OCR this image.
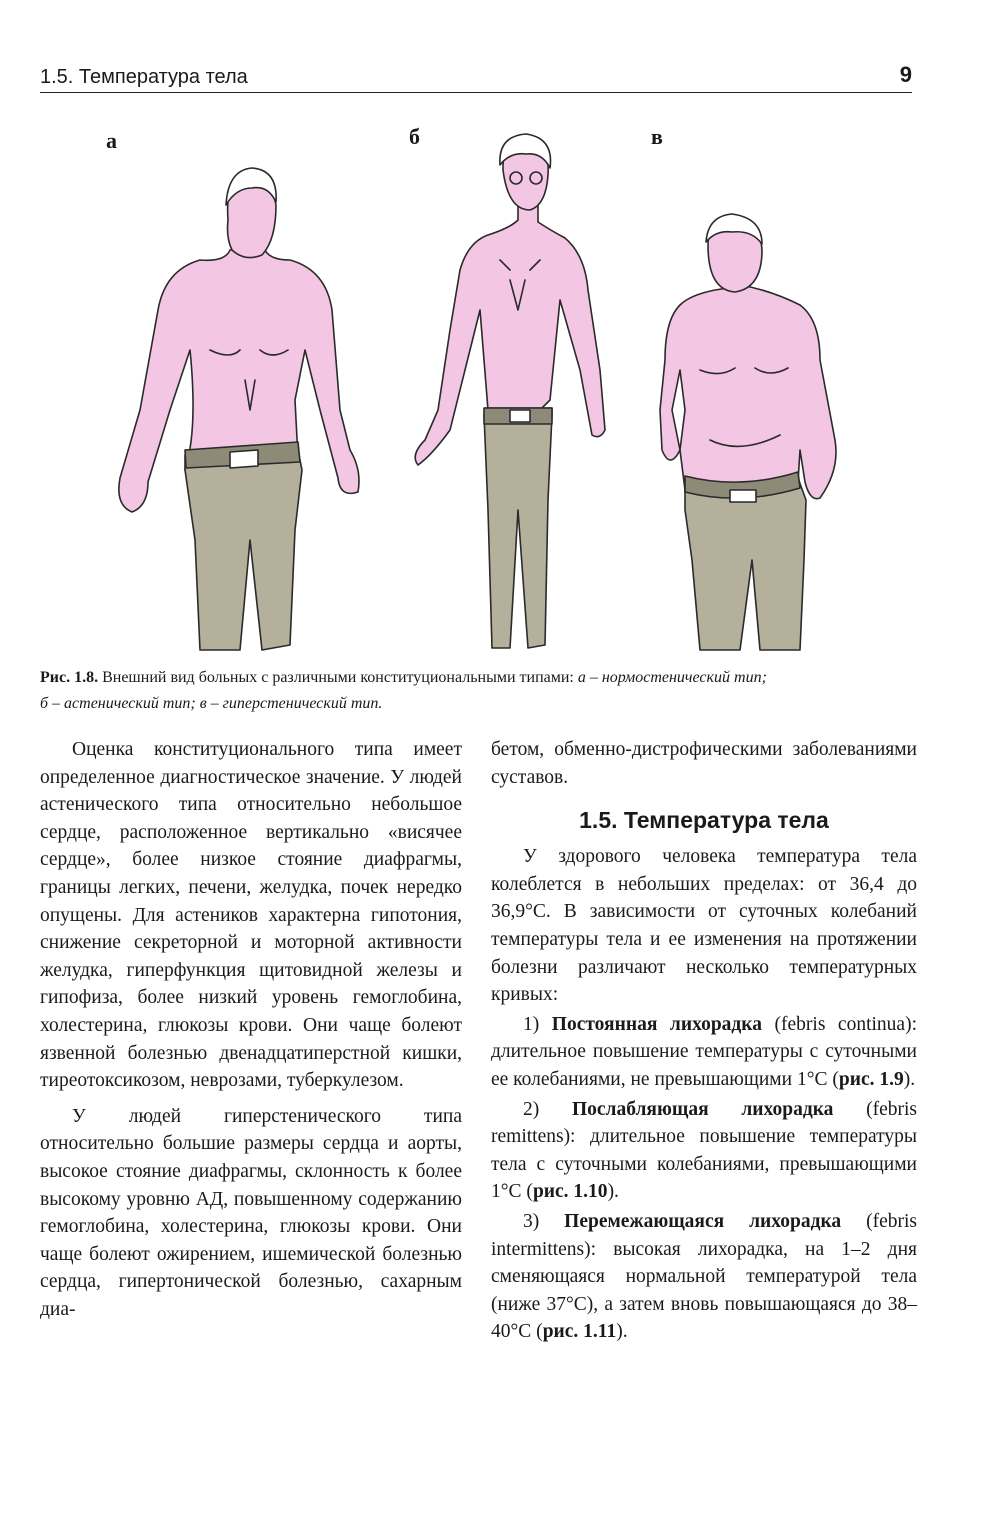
1.5. Температура тела	9
а	б	в
Рис. 1.8. Внешний вид больных с различными конституциональными типами: а – нормостенический тип;
б – астенический тип; в – гиперстенический тип.

Оценка конституционального типа имеет определенное диагностическое значение. У людей астенического типа относительно небольшое сердце, расположенное вертикально «висячее сердце», более низкое стояние диафрагмы, границы легких, печени, желудка, почек нередко опущены. Для астеников характерна гипотония, снижение секреторной и моторной активности желудка, гиперфункция щитовидной железы и гипофиза, более низкий уровень гемоглобина, холестерина, глюкозы крови. Они чаще болеют язвенной болезнью двенадцатиперстной кишки, тиреотоксикозом, неврозами, туберкулезом.

У людей гиперстенического типа относительно большие размеры сердца и аорты, высокое стояние диафрагмы, склонность к более высокому уровню АД, повышенному содержанию гемоглобина, холестерина, глюкозы крови. Они чаще болеют ожирением, ишемической болезнью сердца, гипертонической болезнью, сахарным диа-

бетом, обменно-дистрофическими заболеваниями суставов.

1.5. Температура тела

У здорового человека температура тела колеблется в небольших пределах: от 36,4 до 36,9°С. В зависимости от суточных колебаний температуры тела и ее изменения на протяжении болезни различают несколько температурных кривых:

1) Постоянная лихорадка (febris continua): длительное повышение температуры с суточными ее колебаниями, не превышающими 1°С (рис. 1.9).

2) Послабляющая лихорадка (febris remittens): длительное повышение температуры тела с суточными колебаниями, превышающими 1°С (рис. 1.10).

3) Перемежающаяся лихорадка (febris intermittens): высокая лихорадка, на 1–2 дня сменяющаяся нормальной температурой тела (ниже 37°С), а затем вновь повышающаяся до 38–40°С (рис. 1.11).
